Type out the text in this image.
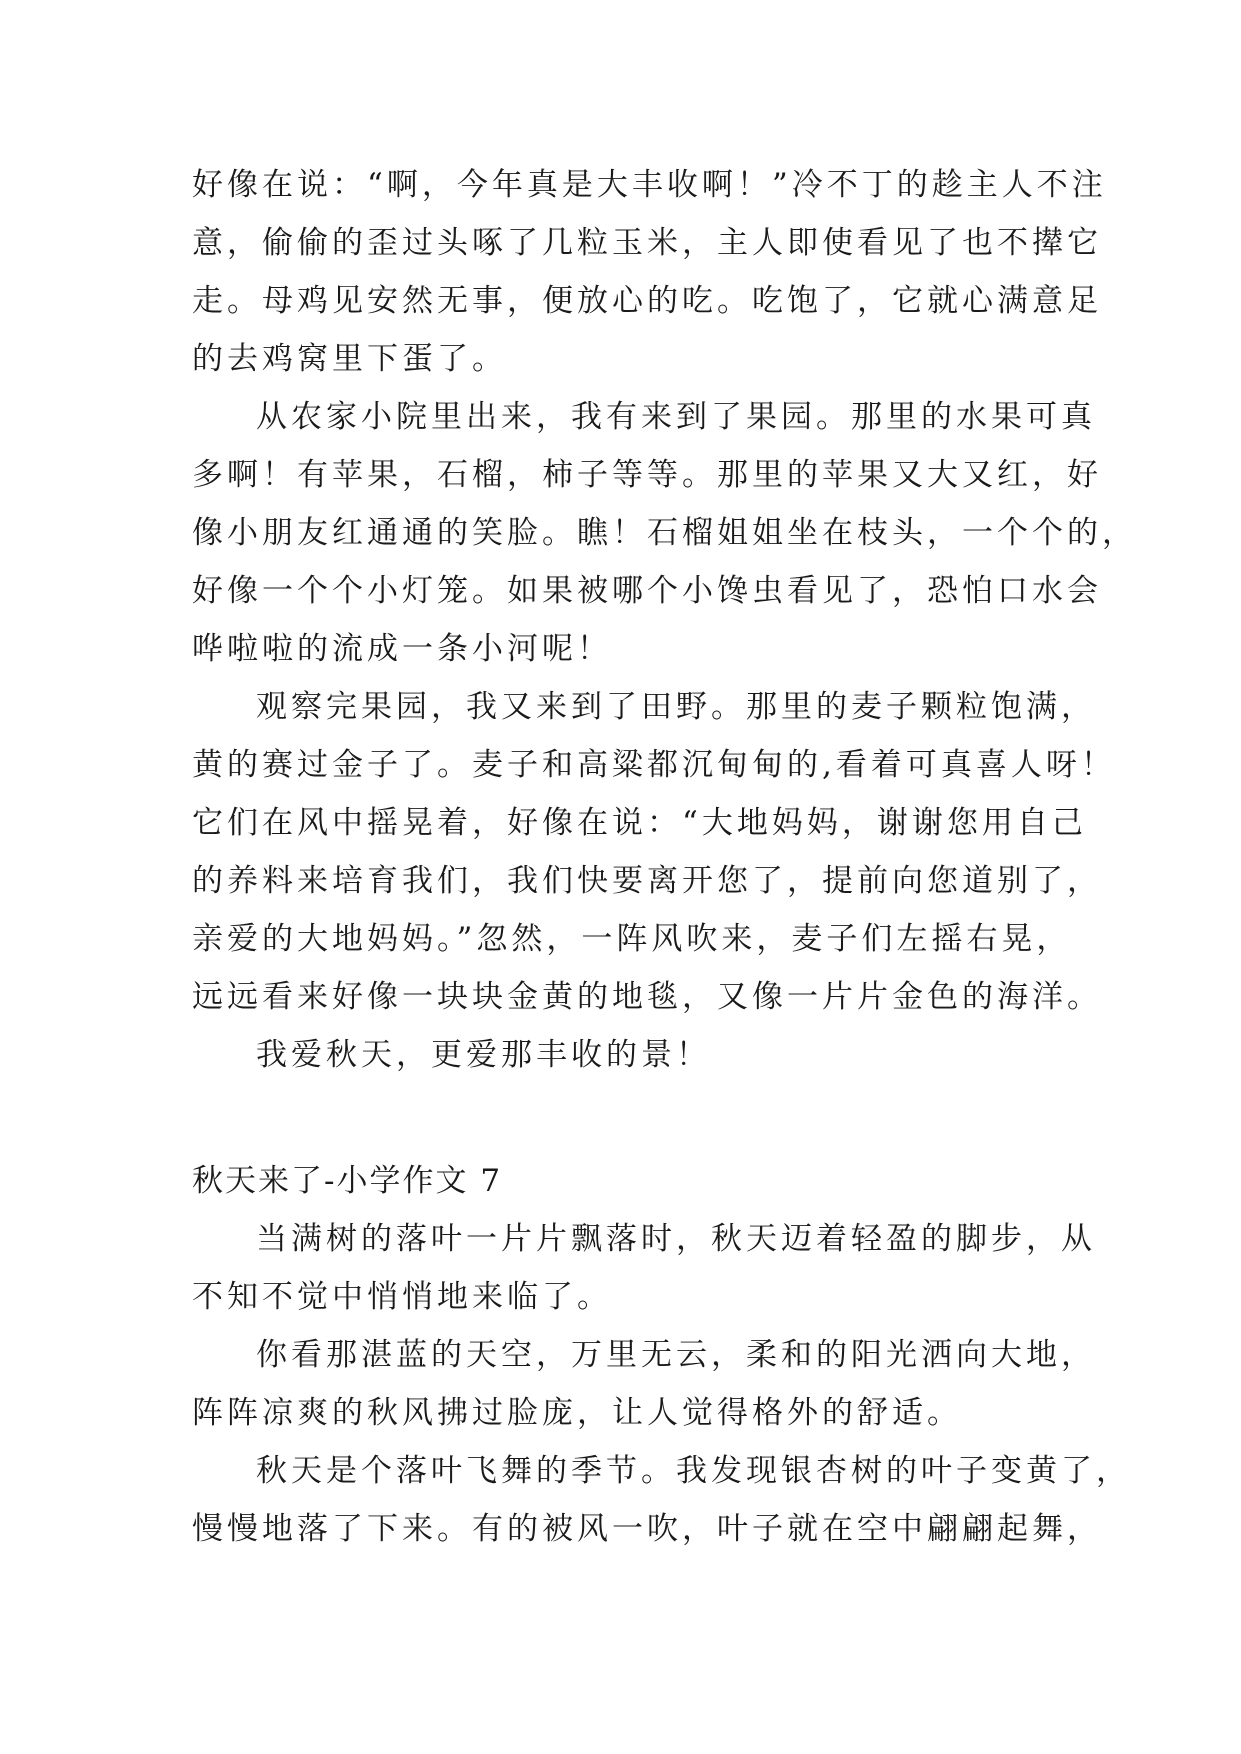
好像在说：“啊，今年真是大丰收啊！”冷不丁的趁主人不注
意，偷偷的歪过头啄了几粒玉米，主人即使看见了也不撵它
走。母鸡见安然无事，便放心的吃。吃饱了，它就心满意足
的去鸡窝里下蛋了。
从农家小院里出来，我有来到了果园。那里的水果可真
多啊！有苹果，石榴，柿子等等。那里的苹果又大又红，好
像小朋友红通通的笑脸。瞧！石榴姐姐坐在枝头，一个个的，
好像一个个小灯笼。如果被哪个小馋虫看见了，恐怕口水会
哗啦啦的流成一条小河呢！
观察完果园，我又来到了田野。那里的麦子颗粒饱满，
黄的赛过金子了。麦子和高粱都沉甸甸的,看着可真喜人呀！
它们在风中摇晃着，好像在说：“大地妈妈，谢谢您用自己
的养料来培育我们，我们快要离开您了，提前向您道别了，
亲爱的大地妈妈。”忽然，一阵风吹来，麦子们左摇右晃，
远远看来好像一块块金黄的地毯，又像一片片金色的海洋。
我爱秋天，更爱那丰收的景！
秋天来了-小学作文 7
当满树的落叶一片片飘落时，秋天迈着轻盈的脚步，从
不知不觉中悄悄地来临了。
你看那湛蓝的天空，万里无云，柔和的阳光洒向大地，
阵阵凉爽的秋风拂过脸庞，让人觉得格外的舒适。
秋天是个落叶飞舞的季节。我发现银杏树的叶子变黄了，
慢慢地落了下来。有的被风一吹，叶子就在空中翩翩起舞，
